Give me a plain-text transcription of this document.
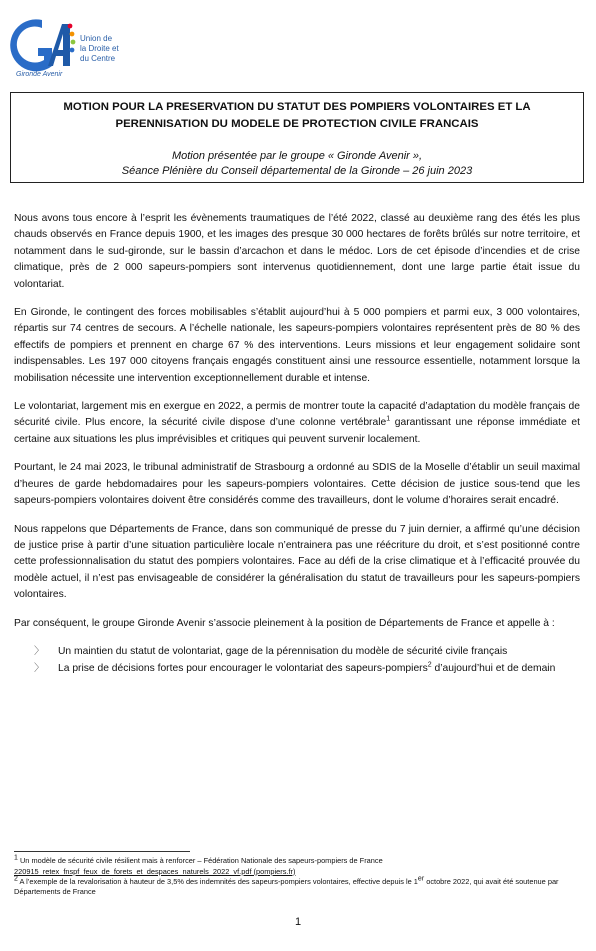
Union de
la Droite et
du Centre
Gironde Avenir
MOTION POUR LA PRESERVATION DU STATUT DES POMPIERS VOLONTAIRES ET LA
PERENNISATION DU MODELE DE PROTECTION CIVILE FRANCAIS
Motion présentée par le groupe « Gironde Avenir »,
Séance Plénière du Conseil départemental de la Gironde – 26 juin 2023

Nous avons tous encore à l’esprit les évènements traumatiques de l’été 2022, classé au deuxième rang des étés les plus chauds observés en France depuis 1900, et les images des presque 30 000 hectares de forêts brûlés sur notre territoire, et notamment dans le sud-gironde, sur le bassin d’arcachon et dans le médoc. Lors de cet épisode d’incendies et de crise climatique, près de 2 000 sapeurs-pompiers sont intervenus quotidiennement, dont une large partie était issue du volontariat.

En Gironde, le contingent des forces mobilisables s’établit aujourd’hui à 5 000 pompiers et parmi eux, 3 000 volontaires, répartis sur 74 centres de secours. A l’échelle nationale, les sapeurs-pompiers volontaires représentent près de 80 % des effectifs de pompiers et prennent en charge 67 % des interventions. Leurs missions et leur engagement solidaire sont indispensables. Les 197 000 citoyens français engagés constituent ainsi une ressource essentielle, notamment lorsque la mobilisation nécessite une intervention exceptionnellement durable et intense.

Le volontariat, largement mis en exergue en 2022, a permis de montrer toute la capacité d’adaptation du modèle français de sécurité civile. Plus encore, la sécurité civile dispose d’une colonne vertébrale$^1$ garantissant une réponse immédiate et certaine aux situations les plus imprévisibles et critiques qui peuvent survenir localement.

Pourtant, le 24 mai 2023, le tribunal administratif de Strasbourg a ordonné au SDIS de la Moselle d’établir un seuil maximal d’heures de garde hebdomadaires pour les sapeurs-pompiers volontaires. Cette décision de justice sous-tend que les sapeurs-pompiers volontaires doivent être considérés comme des travailleurs, dont le volume d’horaires serait encadré.

Nous rappelons que Départements de France, dans son communiqué de presse du 7 juin dernier, a affirmé qu’une décision de justice prise à partir d’une situation particulière locale n’entrainera pas une réécriture du droit, et s’est positionné contre cette professionnalisation du statut des pompiers volontaires. Face au défi de la crise climatique et à l’efficacité prouvée du modèle actuel, il n’est pas envisageable de considérer la généralisation du statut de travailleurs pour les sapeurs-pompiers volontaires.

Par conséquent, le groupe Gironde Avenir s’associe pleinement à la position de Départements de France et appelle à :

〉 Un maintien du statut de volontariat, gage de la pérennisation du modèle de sécurité civile français
〉 La prise de décisions fortes pour encourager le volontariat des sapeurs-pompiers$^2$ d’aujourd’hui et de demain

$^1$ Un modèle de sécurité civile résilient mais à renforcer – Fédération Nationale des sapeurs-pompiers de France

220915_retex_fnspf_feux_de_forets_et_despaces_naturels_2022_vf.pdf (pompiers.fr)

$^2$ A l’exemple de la revalorisation à hauteur de 3,5% des indemnités des sapeurs-pompiers volontaires, effective depuis le 1er octobre 2022, qui avait été soutenue par Départements de France

1
